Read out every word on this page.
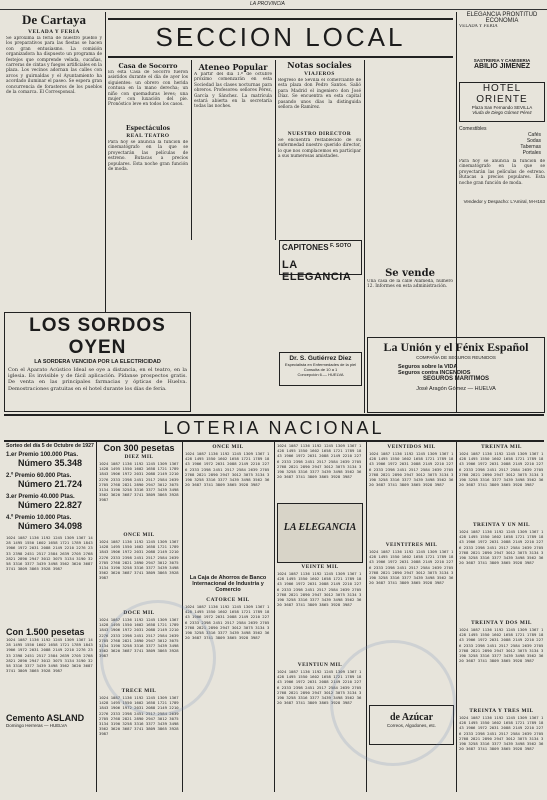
LA PROVINCIA
De Cartaya
VELADA Y FERIA
Se aproxima la feria de nuestro pueblo y los preparativos para las fiestas se hacen con gran entusiasmo. La comisión organizadora ha dispuesto un programa de festejos que comprende velada, cucañas, carreras de cintas y fuegos artificiales en la plaza. Los vecinos adornan las calles con arcos y guirnaldas y el Ayuntamiento ha acordado iluminar el paseo. Se espera gran concurrencia de forasteros de los pueblos de la comarca. El Corresponsal.
SECCION LOCAL
Casa de Socorro
En esta Casa de Socorro fueron asistidos durante el día de ayer los siguientes: un obrero con herida contusa en la mano derecha; un niño con quemaduras leves; una mujer con luxación del pie. Pronóstico leve en todos los casos.
Espectáculos
REAL TEATRO
Para hoy se anuncia la función de cinematógrafo en la que se proyectarán las películas de estreno. Butacas a precios populares. Esta noche gran función de moda.
Ateneo Popular
A partir del día 1.º de octubre próximo comenzarán en esta Sociedad las clases nocturnas para obreros. Profesores: señores Pérez, García y Sánchez. La matrícula estará abierta en la secretaría todas las noches.
Notas sociales
VIAJEROS
Regresó de Sevilla el comerciante de esta plaza don Pedro Santos. Salió para Madrid el ingeniero don José Díaz. Se encuentra en esta capital pasando unos días la distinguida señora de Ramírez.
NUESTRO DIRECTOR
Se encuentra restablecido de su enfermedad nuestro querido director, lo que nos complacemos en participar a sus numerosas amistades.
LOS SORDOS OYEN
LA SORDERA VENCIDA POR LA ELECTRICIDAD
Con el Aparato Acústico Ideal se oye a distancia, en el teatro, en la iglesia. Es invisible y de fácil aplicación. Pídanse prospectos gratis. De venta en las principales farmacias y ópticas de Huelva. Demostraciones gratuitas en el hotel durante los días de feria.
CAPITONES F. SOTO
LA ELEGANCIA
Dr. S. Gutiérrez Diez
Especialista en Enfermedades de la piel
Consulta de 10 a 1
Concepción 6.— HUELVA
Se vende
Una casa de la calle Alameda, número 12. Informes en esta administración.
ELEGANCIA PRONTITUD ECONOMIA
VELADA Y FERIA
SASTRERIA Y CAMISERIA
ABILIO JIMENEZ
HOTEL ORIENTE
Plaza San Fernando SEVILLA
Viuda de Diego Gómez Pérez
Comestibles
Cafés
Sodas
Tabernas
Portales
Para hoy se anuncia la función de cinematógrafo en la que se proyectarán las películas de estreno. Butacas a precios populares. Esta noche gran función de moda.
Vendedor y Despacho: L'Amiral, M-H163
La Unión y el Fénix Español
COMPAÑIA DE SEGUROS REUNIDOS
Seguros sobre la VIDA
Seguros contra INCENDIOS
SEGUROS MARITIMOS
José Aragón Gómez — HUELVA
LOTERIA NACIONAL
Sorteo del día 5 de Octubre de 1927
1.er Premio 100.000 Ptas.
Número 35.348
2.º Premio 60.000 Ptas.
Número 21.724
3.er Premio 40.000 Ptas.
Número 22.827
4.º Premio 10.000 Ptas.
Número 34.098
1024 1087 1136 1192 1245 1309 1367 1428 1495 1550 1602 1658 1721 1789 1843 1906 1972 2031 2088 2149 2210 2276 2333 2398 2451 2517 2584 2639 2705 2768 2821 2890 2947 3012 3075 3134 3190 3258 3316 3377 3439 3498 3562 3620 3687 3741 3809 3865 3928 3987
Con 1.500 pesetas
1024 1087 1136 1192 1245 1309 1367 1428 1495 1550 1602 1658 1721 1789 1843 1906 1972 2031 2088 2149 2210 2276 2333 2398 2451 2517 2584 2639 2705 2768 2821 2890 2947 3012 3075 3134 3190 3258 3316 3377 3439 3498 3562 3620 3687 3741 3809 3865 3928 3987
Cemento ASLAND
Domingo Herreras — HUELVA
Con 300 pesetas
DIEZ MIL
1024 1087 1136 1192 1245 1309 1367 1428 1495 1550 1602 1658 1721 1789 1843 1906 1972 2031 2088 2149 2210 2276 2333 2398 2451 2517 2584 2639 2705 2768 2821 2890 2947 3012 3075 3134 3190 3258 3316 3377 3439 3498 3562 3620 3687 3741 3809 3865 3928 3987
ONCE MIL
1024 1087 1136 1192 1245 1309 1367 1428 1495 1550 1602 1658 1721 1789 1843 1906 1972 2031 2088 2149 2210 2276 2333 2398 2451 2517 2584 2639 2705 2768 2821 2890 2947 3012 3075 3134 3190 3258 3316 3377 3439 3498 3562 3620 3687 3741 3809 3865 3928 3987
DOCE MIL
1024 1087 1136 1192 1245 1309 1367 1428 1495 1550 1602 1658 1721 1789 1843 1906 1972 2031 2088 2149 2210 2276 2333 2398 2451 2517 2584 2639 2705 2768 2821 2890 2947 3012 3075 3134 3190 3258 3316 3377 3439 3498 3562 3620 3687 3741 3809 3865 3928 3987
TRECE MIL
1024 1087 1136 1192 1245 1309 1367 1428 1495 1550 1602 1658 1721 1789 1843 1906 1972 2031 2088 2149 2210 2276 2333 2398 2451 2517 2584 2639 2705 2768 2821 2890 2947 3012 3075 3134 3190 3258 3316 3377 3439 3498 3562 3620 3687 3741 3809 3865 3928 3987
ONCE MIL
1024 1087 1136 1192 1245 1309 1367 1428 1495 1550 1602 1658 1721 1789 1843 1906 1972 2031 2088 2149 2210 2276 2333 2398 2451 2517 2584 2639 2705 2768 2821 2890 2947 3012 3075 3134 3190 3258 3316 3377 3439 3498 3562 3620 3687 3741 3809 3865 3928 3987
La Caja de Ahorros de Banco Internacional de Industria y Comercio
CATORCE MIL
1024 1087 1136 1192 1245 1309 1367 1428 1495 1550 1602 1658 1721 1789 1843 1906 1972 2031 2088 2149 2210 2276 2333 2398 2451 2517 2584 2639 2705 2768 2821 2890 2947 3012 3075 3134 3190 3258 3316 3377 3439 3498 3562 3620 3687 3741 3809 3865 3928 3987
1024 1087 1136 1192 1245 1309 1367 1428 1495 1550 1602 1658 1721 1789 1843 1906 1972 2031 2088 2149 2210 2276 2333 2398 2451 2517 2584 2639 2705 2768 2821 2890 2947 3012 3075 3134 3190 3258 3316 3377 3439 3498 3562 3620 3687 3741 3809 3865 3928 3987
LA ELEGANCIA
VEINTE MIL
1024 1087 1136 1192 1245 1309 1367 1428 1495 1550 1602 1658 1721 1789 1843 1906 1972 2031 2088 2149 2210 2276 2333 2398 2451 2517 2584 2639 2705 2768 2821 2890 2947 3012 3075 3134 3190 3258 3316 3377 3439 3498 3562 3620 3687 3741 3809 3865 3928 3987
VEINTIUN MIL
1024 1087 1136 1192 1245 1309 1367 1428 1495 1550 1602 1658 1721 1789 1843 1906 1972 2031 2088 2149 2210 2276 2333 2398 2451 2517 2584 2639 2705 2768 2821 2890 2947 3012 3075 3134 3190 3258 3316 3377 3439 3498 3562 3620 3687 3741 3809 3865 3928 3987
VEINTIDOS MIL
1024 1087 1136 1192 1245 1309 1367 1428 1495 1550 1602 1658 1721 1789 1843 1906 1972 2031 2088 2149 2210 2276 2333 2398 2451 2517 2584 2639 2705 2768 2821 2890 2947 3012 3075 3134 3190 3258 3316 3377 3439 3498 3562 3620 3687 3741 3809 3865 3928 3987
VEINTITRES MIL
1024 1087 1136 1192 1245 1309 1367 1428 1495 1550 1602 1658 1721 1789 1843 1906 1972 2031 2088 2149 2210 2276 2333 2398 2451 2517 2584 2639 2705 2768 2821 2890 2947 3012 3075 3134 3190 3258 3316 3377 3439 3498 3562 3620 3687 3741 3809 3865 3928 3987
de Azúcar
Correos, Algodones, etc.
TREINTA MIL
1024 1087 1136 1192 1245 1309 1367 1428 1495 1550 1602 1658 1721 1789 1843 1906 1972 2031 2088 2149 2210 2276 2333 2398 2451 2517 2584 2639 2705 2768 2821 2890 2947 3012 3075 3134 3190 3258 3316 3377 3439 3498 3562 3620 3687 3741 3809 3865 3928 3987
TREINTA Y UN MIL
1024 1087 1136 1192 1245 1309 1367 1428 1495 1550 1602 1658 1721 1789 1843 1906 1972 2031 2088 2149 2210 2276 2333 2398 2451 2517 2584 2639 2705 2768 2821 2890 2947 3012 3075 3134 3190 3258 3316 3377 3439 3498 3562 3620 3687 3741 3809 3865 3928 3987
TREINTA Y DOS MIL
1024 1087 1136 1192 1245 1309 1367 1428 1495 1550 1602 1658 1721 1789 1843 1906 1972 2031 2088 2149 2210 2276 2333 2398 2451 2517 2584 2639 2705 2768 2821 2890 2947 3012 3075 3134 3190 3258 3316 3377 3439 3498 3562 3620 3687 3741 3809 3865 3928 3987
TREINTA Y TRES MIL
1024 1087 1136 1192 1245 1309 1367 1428 1495 1550 1602 1658 1721 1789 1843 1906 1972 2031 2088 2149 2210 2276 2333 2398 2451 2517 2584 2639 2705 2768 2821 2890 2947 3012 3075 3134 3190 3258 3316 3377 3439 3498 3562 3620 3687 3741 3809 3865 3928 3987
